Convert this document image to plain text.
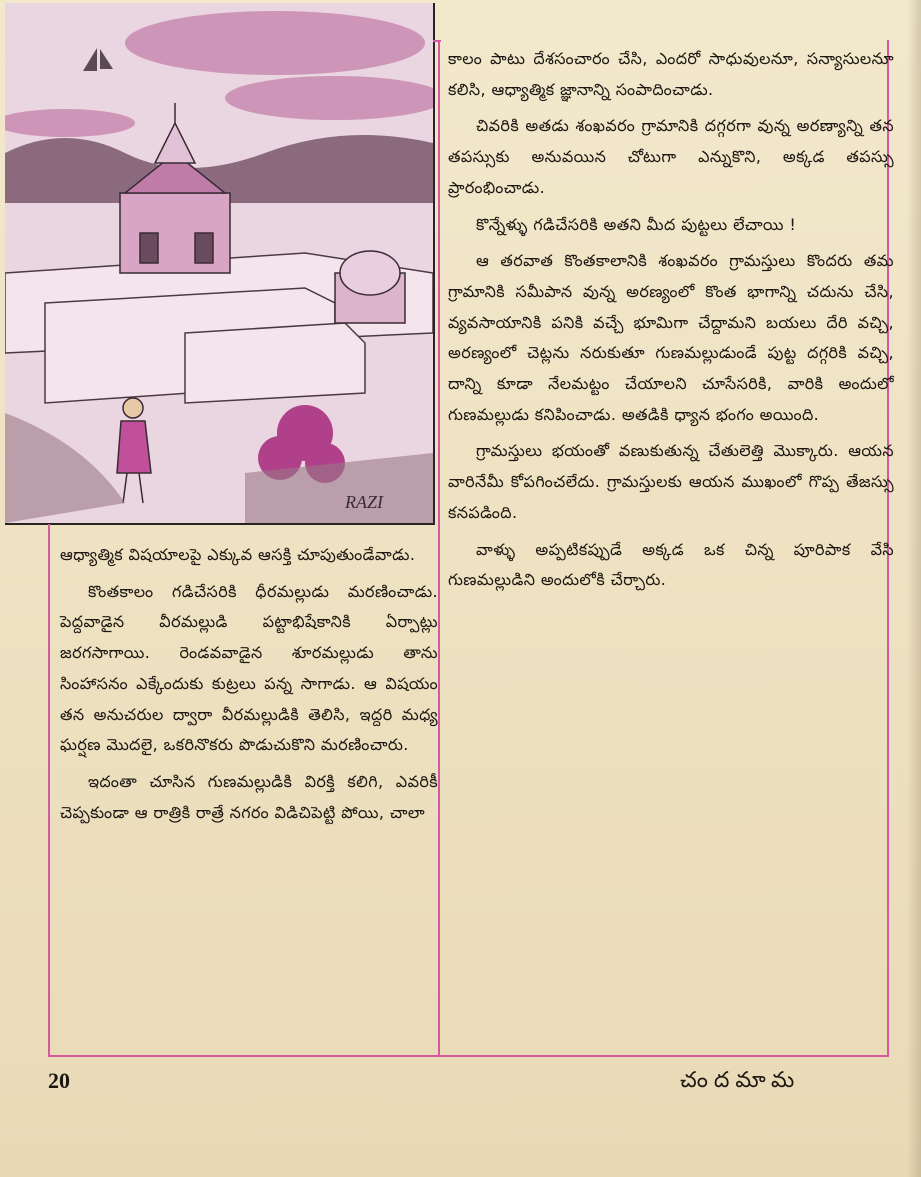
RAZI

కాలం పాటు దేశసంచారం చేసి, ఎందరో సాధువులనూ, సన్యాసులనూ కలిసి, ఆధ్యాత్మిక జ్ఞానాన్ని సంపాదించాడు.

చివరికి అతడు శంఖవరం గ్రామానికి దగ్గరగా వున్న అరణ్యాన్ని తన తపస్సుకు అనువయిన చోటుగా ఎన్నుకొని, అక్కడ తపస్సు ప్రారంభించాడు.

కొన్నేళ్ళు గడిచేసరికి అతని మీద పుట్టలు లేచాయి !

ఆ తరవాత కొంతకాలానికి శంఖవరం గ్రామస్తులు కొందరు తమ గ్రామానికి సమీపాన వున్న అరణ్యంలో కొంత భాగాన్ని చదును చేసి, వ్యవసాయానికి పనికి వచ్చే భూమిగా చేద్దామని బయలు దేరి వచ్చి, అరణ్యంలో చెట్లను నరుకుతూ గుణమల్లుడుండే పుట్ట దగ్గరికి వచ్చి, దాన్ని కూడా నేలమట్టం చేయాలని చూసేసరికి, వారికి అందులో గుణమల్లుడు కనిపించాడు. అతడికి ధ్యాన భంగం అయింది.

గ్రామస్తులు భయంతో వణుకుతున్న చేతులెత్తి మొక్కారు. ఆయన వారినేమీ కోపగించలేదు. గ్రామస్తులకు ఆయన ముఖంలో గొప్ప తేజస్సు కనపడింది.

వాళ్ళు అప్పటికప్పుడే అక్కడ ఒక చిన్న పూరిపాక వేసి గుణమల్లుడిని అందులోకి చేర్చారు.

ఆధ్యాత్మిక విషయాలపై ఎక్కువ ఆసక్తి చూపుతుండేవాడు.

కొంతకాలం గడిచేసరికి ధీరమల్లుడు మరణించాడు. పెద్దవాడైన వీరమల్లుడి పట్టాభిషేకానికి ఏర్పాట్లు జరగసాగాయి. రెండవవాడైన శూరమల్లుడు తాను సింహాసనం ఎక్కేందుకు కుట్రలు పన్న సాగాడు. ఆ విషయం తన అనుచరుల ద్వారా వీరమల్లుడికి తెలిసి, ఇద్దరి మధ్య ఘర్షణ మొదలై, ఒకరినొకరు పొడుచుకొని మరణించారు.

ఇదంతా చూసిన గుణమల్లుడికి విరక్తి కలిగి, ఎవరికీ చెప్పకుండా ఆ రాత్రికి రాత్రే నగరం విడిచిపెట్టి పోయి, చాలా

20	చందమామ
